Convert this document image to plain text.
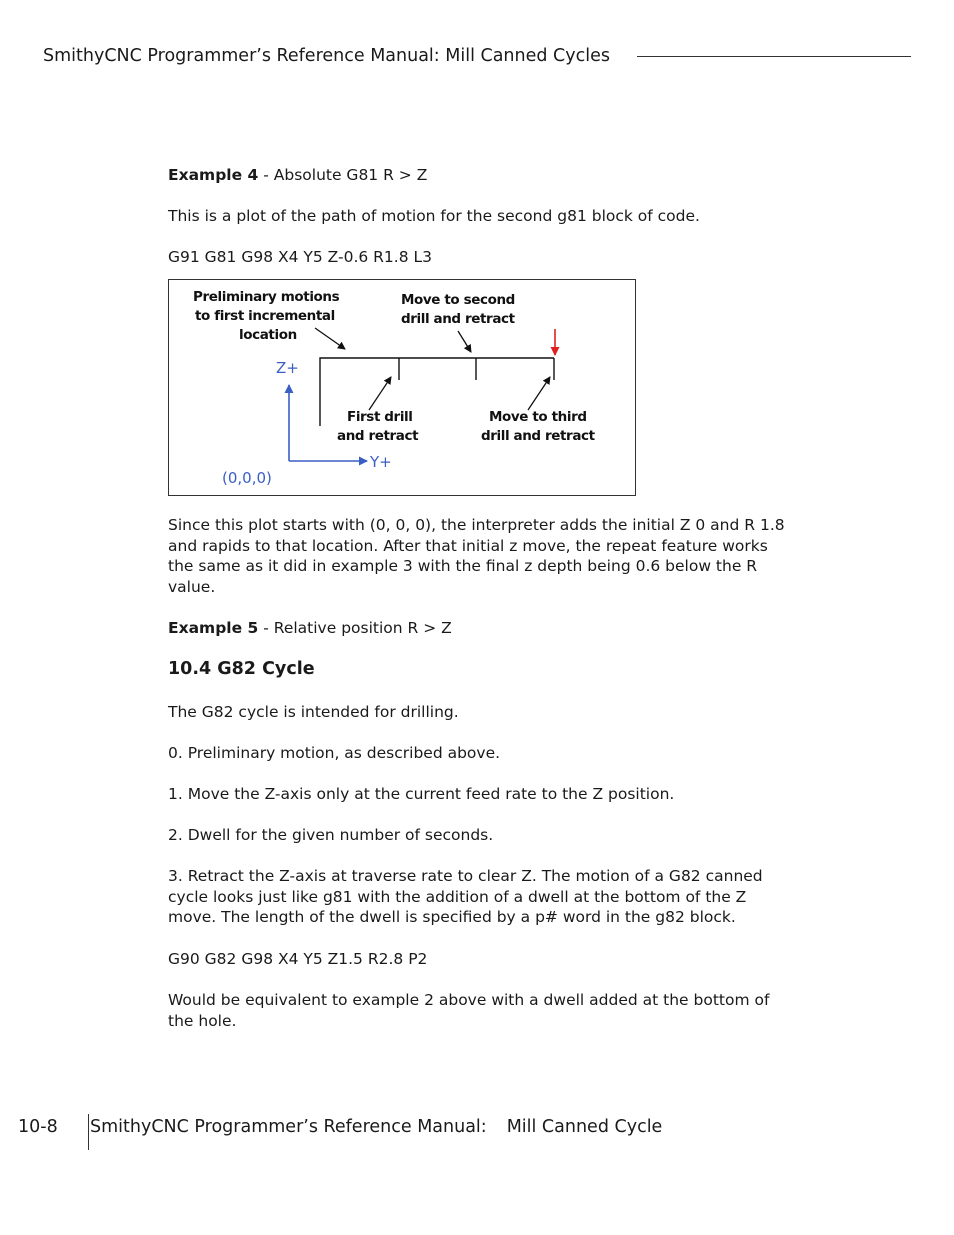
SmithyCNC Programmer’s Reference Manual: Mill Canned Cycles
Example 4 - Absolute G81 R > Z
This is a plot of the path of motion for the second g81 block of code.
G91 G81 G98 X4 Y5 Z-0.6 R1.8 L3
Preliminary motions
to first incremental
location
Move to second
drill and retract
First drill
and retract
Move to third
drill and retract
Z+
Y+
(0,0,0)
Since this plot starts with (0, 0, 0), the interpreter adds the initial Z 0 and R 1.8 and rapids to that location. After that initial z move, the repeat feature works the same as it did in example 3 with the final z depth being 0.6 below the R value.
Example 5 - Relative position R > Z
10.4 G82 Cycle
The G82 cycle is intended for drilling.
0. Preliminary motion, as described above.
1. Move the Z-axis only at the current feed rate to the Z position.
2. Dwell for the given number of seconds.
3. Retract the Z-axis at traverse rate to clear Z. The motion of a G82 canned cycle looks just like g81 with the addition of a dwell at the bottom of the Z move. The length of the dwell is specified by a p# word in the g82 block.
G90 G82 G98 X4 Y5 Z1.5 R2.8 P2
Would be equivalent to example 2 above with a dwell added at the bottom of the hole.
10-8 SmithyCNC Programmer’s Reference Manual: Mill Canned Cycle
